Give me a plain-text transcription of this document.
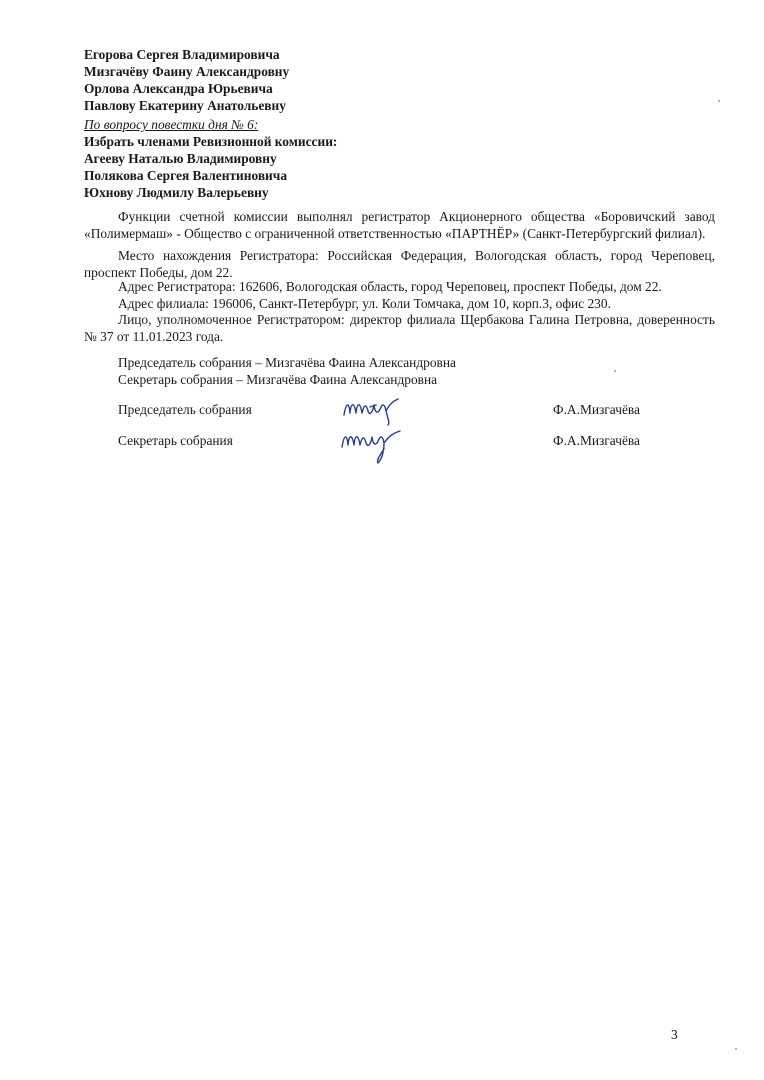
Егорова Сергея Владимировича
Мизгачёву Фаину Александровну
Орлова Александра Юрьевича
Павлову Екатерину Анатольевну
По вопросу повестки дня № 6:
Избрать членами Ревизионной комиссии:
Агееву Наталью Владимировну
Полякова Сергея Валентиновича
Юхнову Людмилу Валерьевну
Функции счетной комиссии выполнял регистратор Акционерного общества «Боровичский завод «Полимермаш» - Общество с ограниченной ответственностью «ПАРТНЁР» (Санкт-Петербургский филиал).
Место нахождения Регистратора: Российская Федерация, Вологодская область, город Череповец, проспект Победы, дом 22.
Адрес Регистратора: 162606, Вологодская область, город Череповец, проспект Победы, дом 22.
Адрес филиала: 196006, Санкт-Петербург, ул. Коли Томчака, дом 10, корп.3, офис 230.
Лицо, уполномоченное Регистратором: директор филиала Щербакова Галина Петровна, доверенность № 37 от 11.01.2023 года.
Председатель собрания – Мизгачёва Фаина Александровна
Секретарь собрания – Мизгачёва Фаина Александровна
Председатель собрания	Ф.А.Мизгачёва
Секретарь собрания	Ф.А.Мизгачёва
3
